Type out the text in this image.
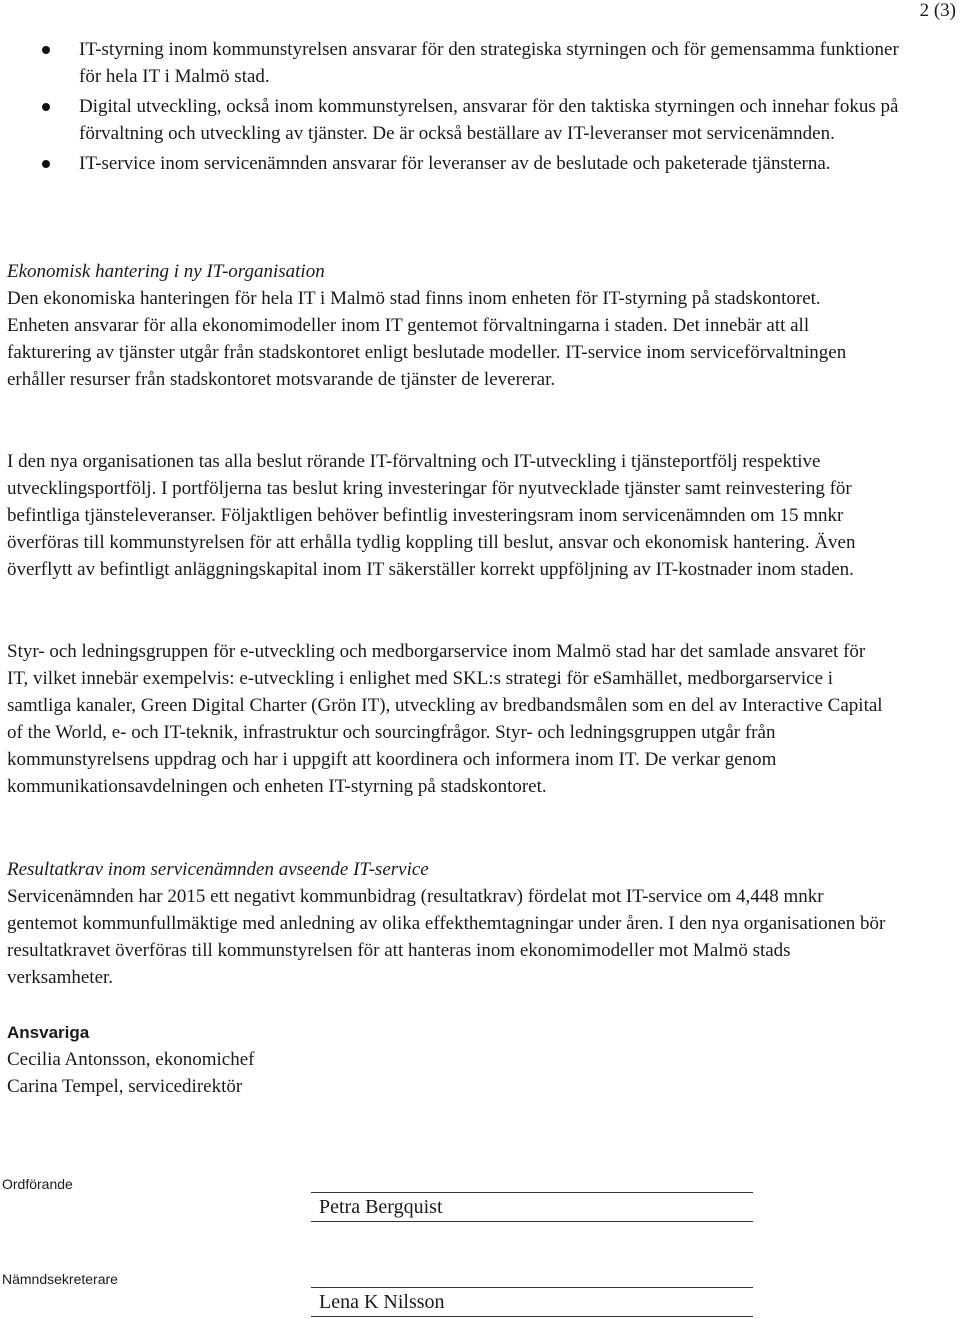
2 (3)
IT-styrning inom kommunstyrelsen ansvarar för den strategiska styrningen och för gemensamma funktioner för hela IT i Malmö stad.
Digital utveckling, också inom kommunstyrelsen, ansvarar för den taktiska styrningen och innehar fokus på förvaltning och utveckling av tjänster. De är också beställare av IT-leveranser mot servicenämnden.
IT-service inom servicenämnden ansvarar för leveranser av de beslutade och paketerade tjänsterna.
Ekonomisk hantering i ny IT-organisation

Den ekonomiska hanteringen för hela IT i Malmö stad finns inom enheten för IT-styrning på stadskontoret. Enheten ansvarar för alla ekonomimodeller inom IT gentemot förvaltningarna i staden. Det innebär att all fakturering av tjänster utgår från stadskontoret enligt beslutade modeller. IT-service inom serviceförvaltningen erhåller resurser från stadskontoret motsvarande de tjänster de levererar.

I den nya organisationen tas alla beslut rörande IT-förvaltning och IT-utveckling i tjänsteportfölj respektive utvecklingsportfölj. I portföljerna tas beslut kring investeringar för nyutvecklade tjänster samt reinvestering för befintliga tjänsteleveranser. Följaktligen behöver befintlig investeringsram inom servicenämnden om 15 mnkr överföras till kommunstyrelsen för att erhålla tydlig koppling till beslut, ansvar och ekonomisk hantering. Även överflytt av befintligt anläggningskapital inom IT säkerställer korrekt uppföljning av IT-kostnader inom staden.

Styr- och ledningsgruppen för e-utveckling och medborgarservice inom Malmö stad har det samlade ansvaret för IT, vilket innebär exempelvis: e-utveckling i enlighet med SKL:s strategi för eSamhället, medborgarservice i samtliga kanaler, Green Digital Charter (Grön IT), utveckling av bredbandsmålen som en del av Interactive Capital of the World, e- och IT-teknik, infrastruktur och sourcingfrågor. Styr- och ledningsgruppen utgår från kommunstyrelsens uppdrag och har i uppgift att koordinera och informera inom IT. De verkar genom kommunikationsavdelningen och enheten IT-styrning på stadskontoret.

Resultatkrav inom servicenämnden avseende IT-service

Servicenämnden har 2015 ett negativt kommunbidrag (resultatkrav) fördelat mot IT-service om 4,448 mnkr gentemot kommunfullmäktige med anledning av olika effekthemtagningar under åren. I den nya organisationen bör resultatkravet överföras till kommunstyrelsen för att hanteras inom ekonomimodeller mot Malmö stads verksamheter.

Ansvariga
Cecilia Antonsson, ekonomichef
Carina Tempel, servicedirektör
Ordförande
Petra Bergquist
Nämndsekreterare
Lena K Nilsson
